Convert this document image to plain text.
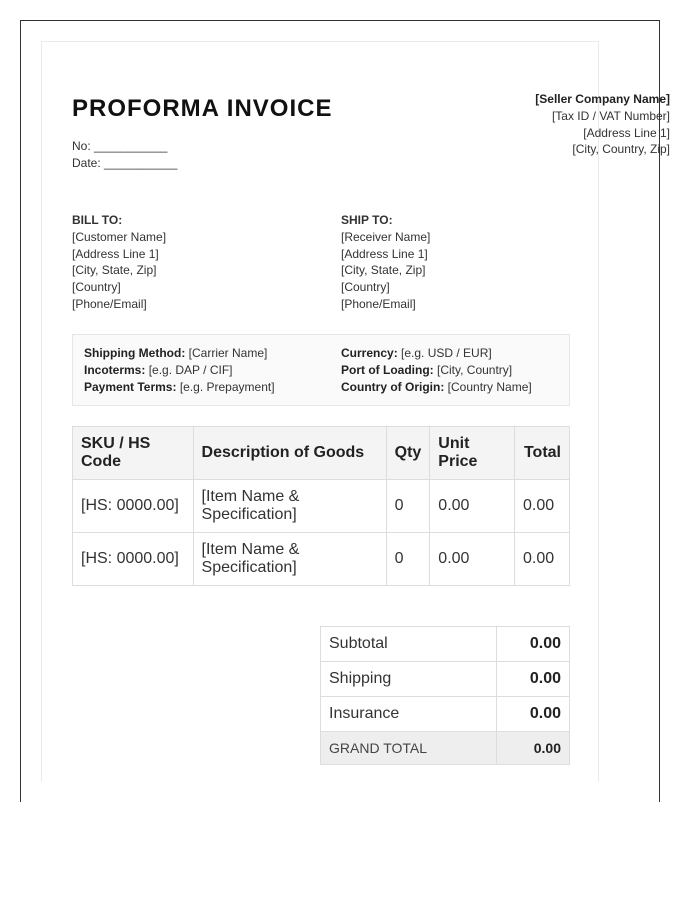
PROFORMA INVOICE
No: ___________
Date: ___________
[Seller Company Name]
[Tax ID / VAT Number]
[Address Line 1]
[City, Country, Zip]
BILL TO:
[Customer Name]
[Address Line 1]
[City, State, Zip]
[Country]
[Phone/Email]
SHIP TO:
[Receiver Name]
[Address Line 1]
[City, State, Zip]
[Country]
[Phone/Email]
Shipping Method: [Carrier Name]
Incoterms: [e.g. DAP / CIF]
Payment Terms: [e.g. Prepayment]
Currency: [e.g. USD / EUR]
Port of Loading: [City, Country]
Country of Origin: [Country Name]
SKU / HS Code	Description of Goods	Qty	Unit Price	Total
[HS: 0000.00]	[Item Name & Specification]	0	0.00	0.00
[HS: 0000.00]	[Item Name & Specification]	0	0.00	0.00
Subtotal	0.00
Shipping	0.00
Insurance	0.00
GRAND TOTAL	0.00
